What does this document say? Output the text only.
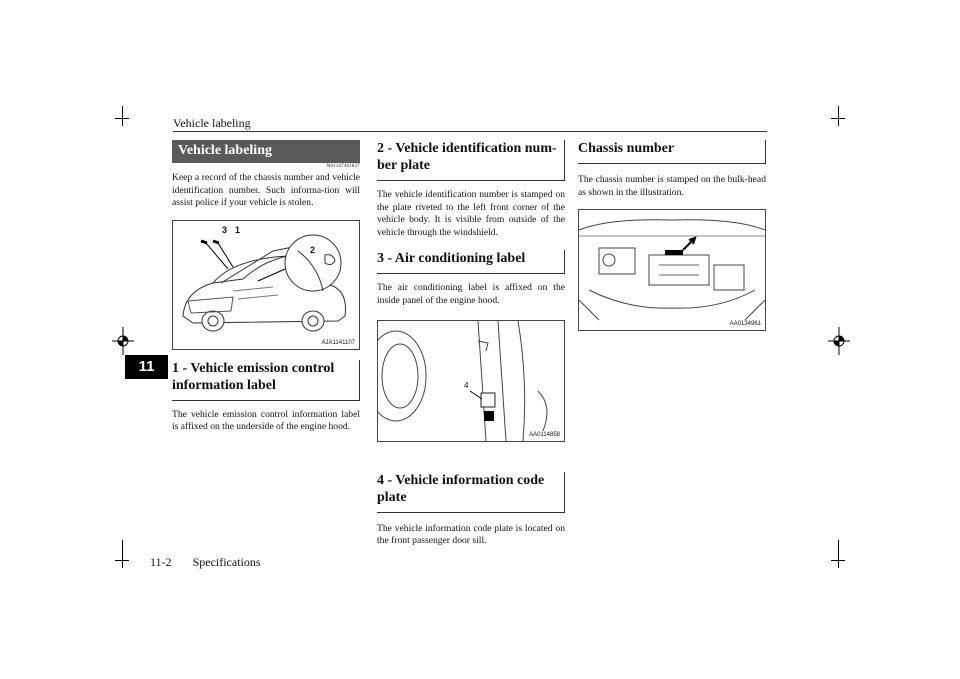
Vehicle labeling
11
Vehicle labeling
N01147401837
Keep a record of the chassis number and vehicle identification number. Such informa-tion will assist police if your vehicle is stolen.
3 1
2
AJA1141107
1 - Vehicle emission control information label
The vehicle emission control information label is affixed on the underside of the engine hood.
2 - Vehicle identification num-ber plate
The vehicle identification number is stamped on the plate riveted to the left front corner of the vehicle body. It is visible from outside of the vehicle through the windshield.
3 - Air conditioning label
The air conditioning label is affixed on the inside panel of the engine hood.
4
AA0114858
4 - Vehicle information code plate
The vehicle information code plate is located on the front passenger door sill.
Chassis number
The chassis number is stamped on the bulk-head as shown in the illustration.
AA0134961
11-2 Specifications
